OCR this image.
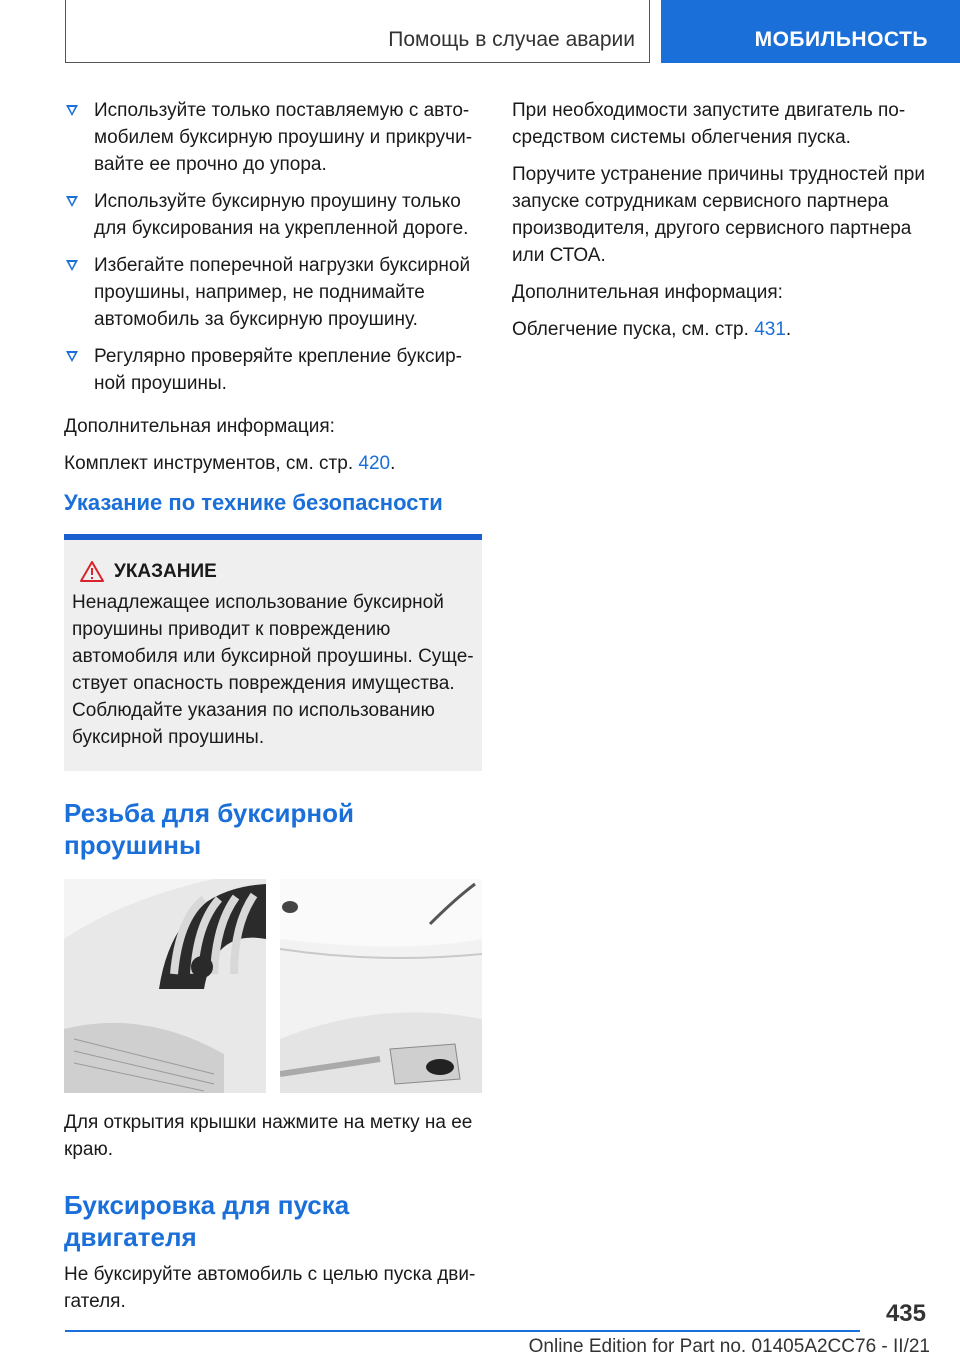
Помощь в случае аварии	МОБИЛЬНОСТЬ
Используйте только поставляемую с автомобилем буксирную проушину и прикручивайте ее прочно до упора.
Используйте буксирную проушину только для буксирования на укрепленной дороге.
Избегайте поперечной нагрузки буксирной проушины, например, не поднимайте автомобиль за буксирную проушину.
Регулярно проверяйте крепление буксирной проушины.

Дополнительная информация:

Комплект инструментов, см. стр. 420.

Указание по технике безопасности
УКАЗАНИЕ

Ненадлежащее использование буксирной проушины приводит к повреждению автомобиля или буксирной проушины. Существует опасность повреждения имущества. Соблюдайте указания по использованию буксирной проушины.

Резьба для буксирной проушины

Для открытия крышки нажмите на метку на ее краю.

Буксировка для пуска двигателя

Не буксируйте автомобиль с целью пуска двигателя.

При необходимости запустите двигатель посредством системы облегчения пуска.

Поручите устранение причины трудностей при запуске сотрудникам сервисного партнера производителя, другого сервисного партнера или СТОА.

Дополнительная информация:

Облегчение пуска, см. стр. 431.

435
Online Edition for Part no. 01405A2CC76 - II/21
